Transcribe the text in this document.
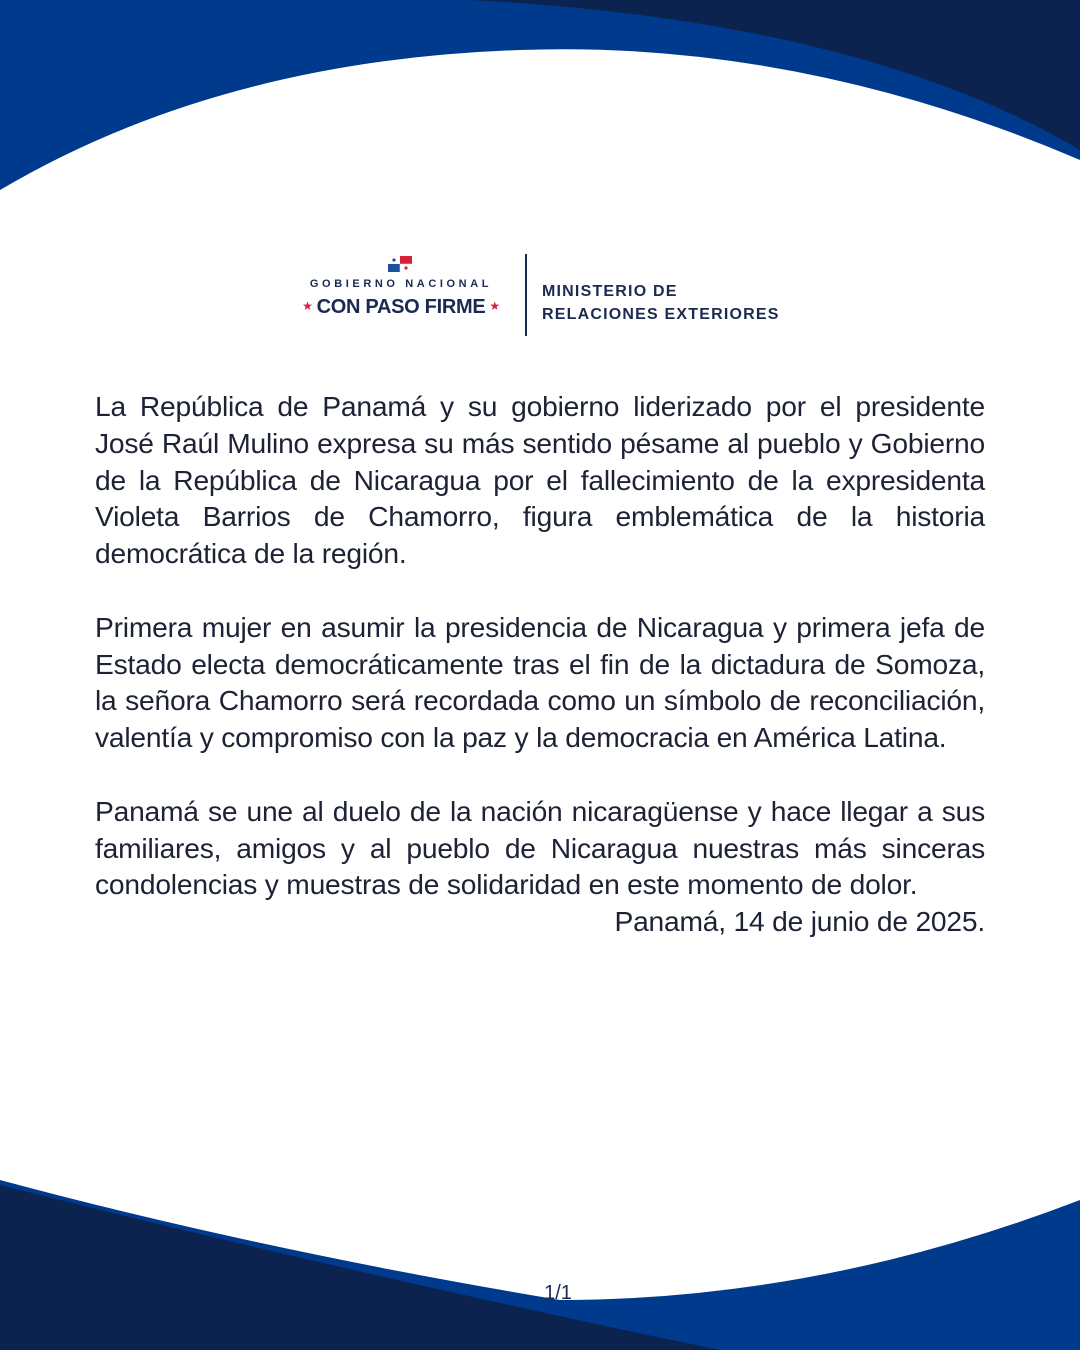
GOBIERNO NACIONAL
★ CON PASO FIRME ★
MINISTERIO DE
RELACIONES EXTERIORES

La República de Panamá y su gobierno liderizado por el presidente José Raúl Mulino expresa su más sentido pésame al pueblo y Gobierno de la República de Nicaragua por el fallecimiento de la expresidenta Violeta Barrios de Chamorro, figura emblemática de la historia democrática de la región.

Primera mujer en asumir la presidencia de Nicaragua y primera jefa de Estado electa democráticamente tras el fin de la dictadura de Somoza, la señora Chamorro será recordada como un símbolo de reconciliación, valentía y compromiso con la paz y la democracia en América Latina.

Panamá se une al duelo de la nación nicaragüense y hace llegar a sus familiares, amigos y al pueblo de Nicaragua nuestras más sinceras condolencias y muestras de solidaridad en este momento de dolor.

Panamá, 14 de junio de 2025.

1/1
